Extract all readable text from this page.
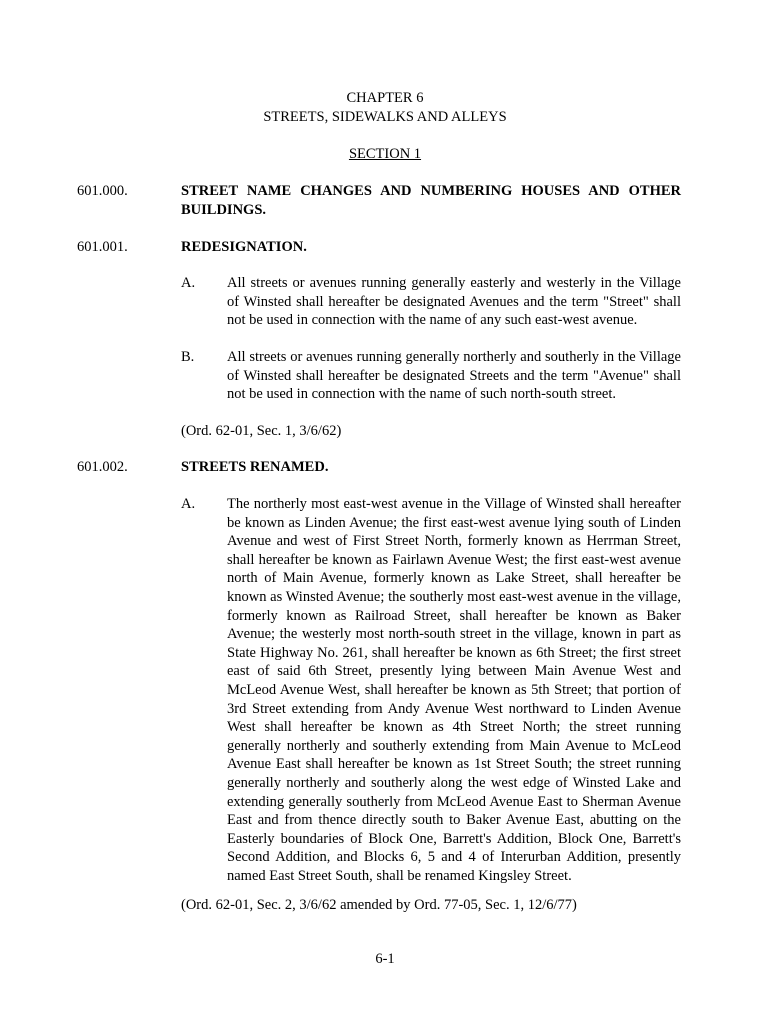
CHAPTER 6
STREETS, SIDEWALKS AND ALLEYS
SECTION 1
601.000.	STREET NAME CHANGES AND NUMBERING HOUSES AND OTHER BUILDINGS.
601.001.	REDESIGNATION.
A. All streets or avenues running generally easterly and westerly in the Village of Winsted shall hereafter be designated Avenues and the term "Street" shall not be used in connection with the name of any such east-west avenue.
B. All streets or avenues running generally northerly and southerly in the Village of Winsted shall hereafter be designated Streets and the term "Avenue" shall not be used in connection with the name of such north-south street.
(Ord. 62-01, Sec. 1, 3/6/62)
601.002.	STREETS RENAMED.
A. The northerly most east-west avenue in the Village of Winsted shall hereafter be known as Linden Avenue; the first east-west avenue lying south of Linden Avenue and west of First Street North, formerly known as Herrman Street, shall hereafter be known as Fairlawn Avenue West; the first east-west avenue north of Main Avenue, formerly known as Lake Street, shall hereafter be known as Winsted Avenue; the southerly most east-west avenue in the village, formerly known as Railroad Street, shall hereafter be known as Baker Avenue; the westerly most north-south street in the village, known in part as State Highway No. 261, shall hereafter be known as 6th Street; the first street east of said 6th Street, presently lying between Main Avenue West and McLeod Avenue West, shall hereafter be known as 5th Street; that portion of 3rd Street extending from Andy Avenue West northward to Linden Avenue West shall hereafter be known as 4th Street North; the street running generally northerly and southerly extending from Main Avenue to McLeod Avenue East shall hereafter be known as 1st Street South; the street running generally northerly and southerly along the west edge of Winsted Lake and extending generally southerly from McLeod Avenue East to Sherman Avenue East and from thence directly south to Baker Avenue East, abutting on the Easterly boundaries of Block One, Barrett's Addition, Block One, Barrett's Second Addition, and Blocks 6, 5 and 4 of Interurban Addition, presently named East Street South, shall be renamed Kingsley Street.
(Ord. 62-01, Sec. 2, 3/6/62 amended by Ord. 77-05, Sec. 1, 12/6/77)
6-1
